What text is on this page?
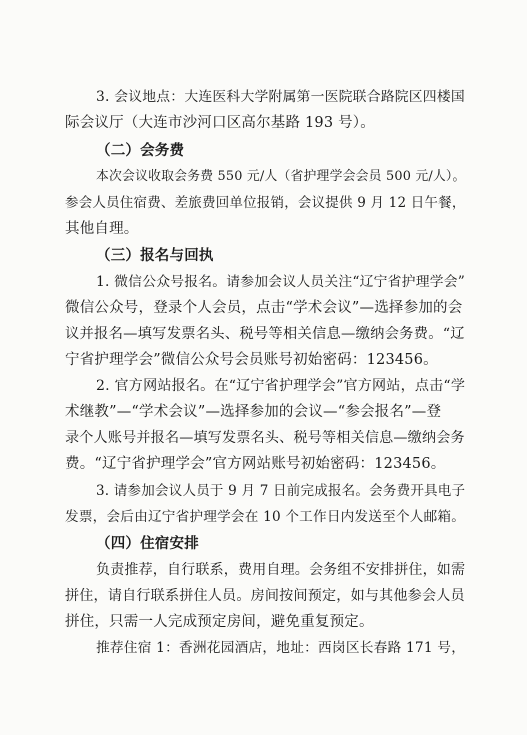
3. 会议地点：大连医科大学附属第一医院联合路院区四楼国
际会议厅（大连市沙河口区高尔基路 193 号）。
（二）会务费
本次会议收取会务费 550 元/人（省护理学会会员 500 元/人）。
参会人员住宿费、差旅费回单位报销，会议提供 9 月 12 日午餐，
其他自理。
（三）报名与回执
1. 微信公众号报名。请参加会议人员关注“辽宁省护理学会”
微信公众号，登录个人会员，点击“学术会议”—选择参加的会
议并报名—填写发票名头、税号等相关信息—缴纳会务费。“辽
宁省护理学会”微信公众号会员账号初始密码：123456。
2. 官方网站报名。在“辽宁省护理学会”官方网站，点击“学
术继教”—“学术会议”—选择参加的会议—“参会报名”—登
录个人账号并报名—填写发票名头、税号等相关信息—缴纳会务
费。“辽宁省护理学会”官方网站账号初始密码：123456。
3. 请参加会议人员于 9 月 7 日前完成报名。会务费开具电子
发票，会后由辽宁省护理学会在 10 个工作日内发送至个人邮箱。
（四）住宿安排
负责推荐，自行联系，费用自理。会务组不安排拼住，如需
拼住，请自行联系拼住人员。房间按间预定，如与其他参会人员
拼住，只需一人完成预定房间，避免重复预定。
推荐住宿 1：香洲花园酒店，地址：西岗区长春路 171 号，
